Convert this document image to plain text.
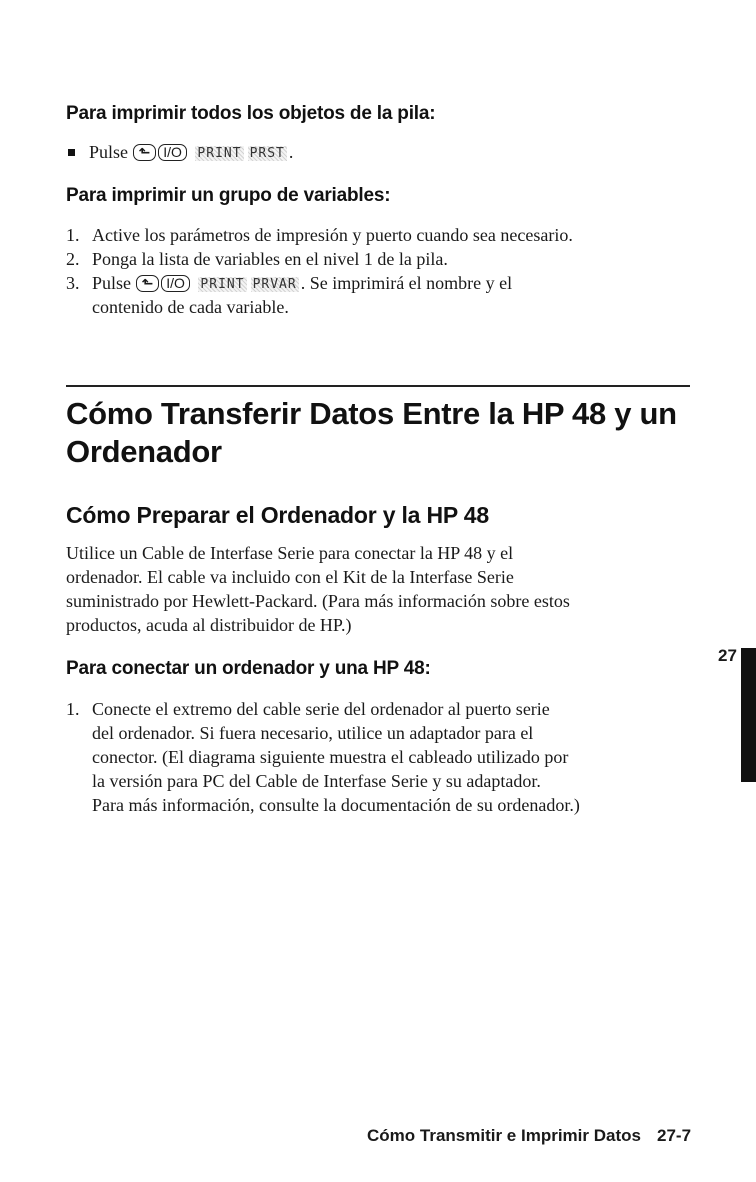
Para imprimir todos los objetos de la pila:
Pulse ⬑ I/O PRINT PRST .
Para imprimir un grupo de variables:
1. Active los parámetros de impresión y puerto cuando sea necesario.
2. Ponga la lista de variables en el nivel 1 de la pila.
3. Pulse ⬑ I/O PRINT PRVAR . Se imprimirá el nombre y el
contenido de cada variable.
Cómo Transferir Datos Entre la HP 48 y un
Ordenador
Cómo Preparar el Ordenador y la HP 48
Utilice un Cable de Interfase Serie para conectar la HP 48 y el
ordenador. El cable va incluido con el Kit de la Interfase Serie
suministrado por Hewlett-Packard. (Para más información sobre estos
productos, acuda al distribuidor de HP.)
Para conectar un ordenador y una HP 48:
1. Conecte el extremo del cable serie del ordenador al puerto serie
del ordenador. Si fuera necesario, utilice un adaptador para el
conector. (El diagrama siguiente muestra el cableado utilizado por
la versión para PC del Cable de Interfase Serie y su adaptador.
Para más información, consulte la documentación de su ordenador.)
27
Cómo Transmitir e Imprimir Datos 27-7
